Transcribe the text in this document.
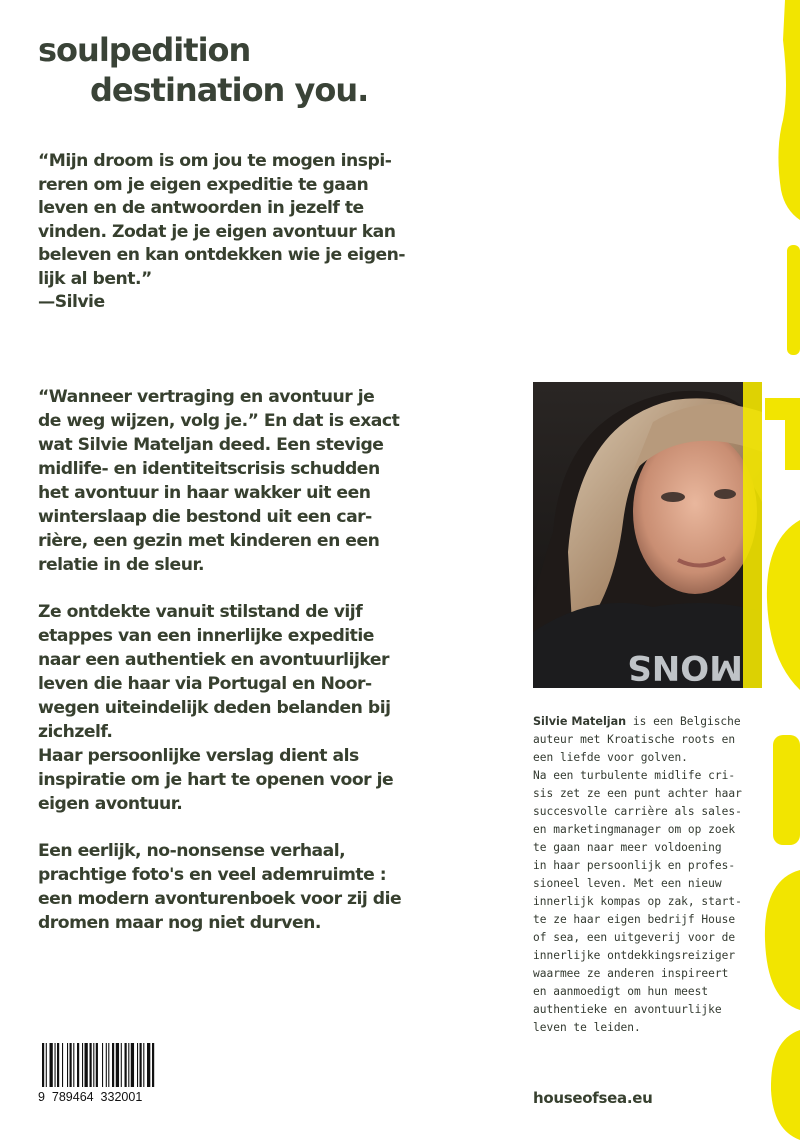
soulpedition
destination you.
“Mijn droom is om jou te mogen inspi-
reren om je eigen expeditie te gaan
leven en de antwoorden in jezelf te
vinden. Zodat je je eigen avontuur kan
beleven en kan ontdekken wie je eigen-
lijk al bent.”
—Silvie
“Wanneer vertraging en avontuur je
de weg wijzen, volg je.” En dat is exact
wat Silvie Mateljan deed. Een stevige
midlife- en identiteitscrisis schudden
het avontuur in haar wakker uit een
winterslaap die bestond uit een car-
rière, een gezin met kinderen en een
relatie in de sleur.
Ze ontdekte vanuit stilstand de vijf
etappes van een innerlijke expeditie
naar een authentiek en avontuurlijker
leven die haar via Portugal en Noor-
wegen uiteindelijk deden belanden bij
zichzelf.
Haar persoonlijke verslag dient als
inspiratie om je hart te openen voor je
eigen avontuur.
Een eerlijk, no-nonsense verhaal,
prachtige foto's en veel ademruimte :
een modern avonturenboek voor zij die
dromen maar nog niet durven.
MONS
Silvie Mateljan is een Belgische
auteur met Kroatische roots en
een liefde voor golven.
Na een turbulente midlife cri-
sis zet ze een punt achter haar
succesvolle carrière als sales-
en marketingmanager om op zoek
te gaan naar meer voldoening
in haar persoonlijk en profes-
sioneel leven. Met een nieuw
innerlijk kompas op zak, start-
te ze haar eigen bedrijf House
of sea, een uitgeverij voor de
innerlijke ontdekkingsreiziger
waarmee ze anderen inspireert
en aanmoedigt om hun meest
authentieke en avontuurlijke
leven te leiden.
houseofsea.eu
9  789464  332001
